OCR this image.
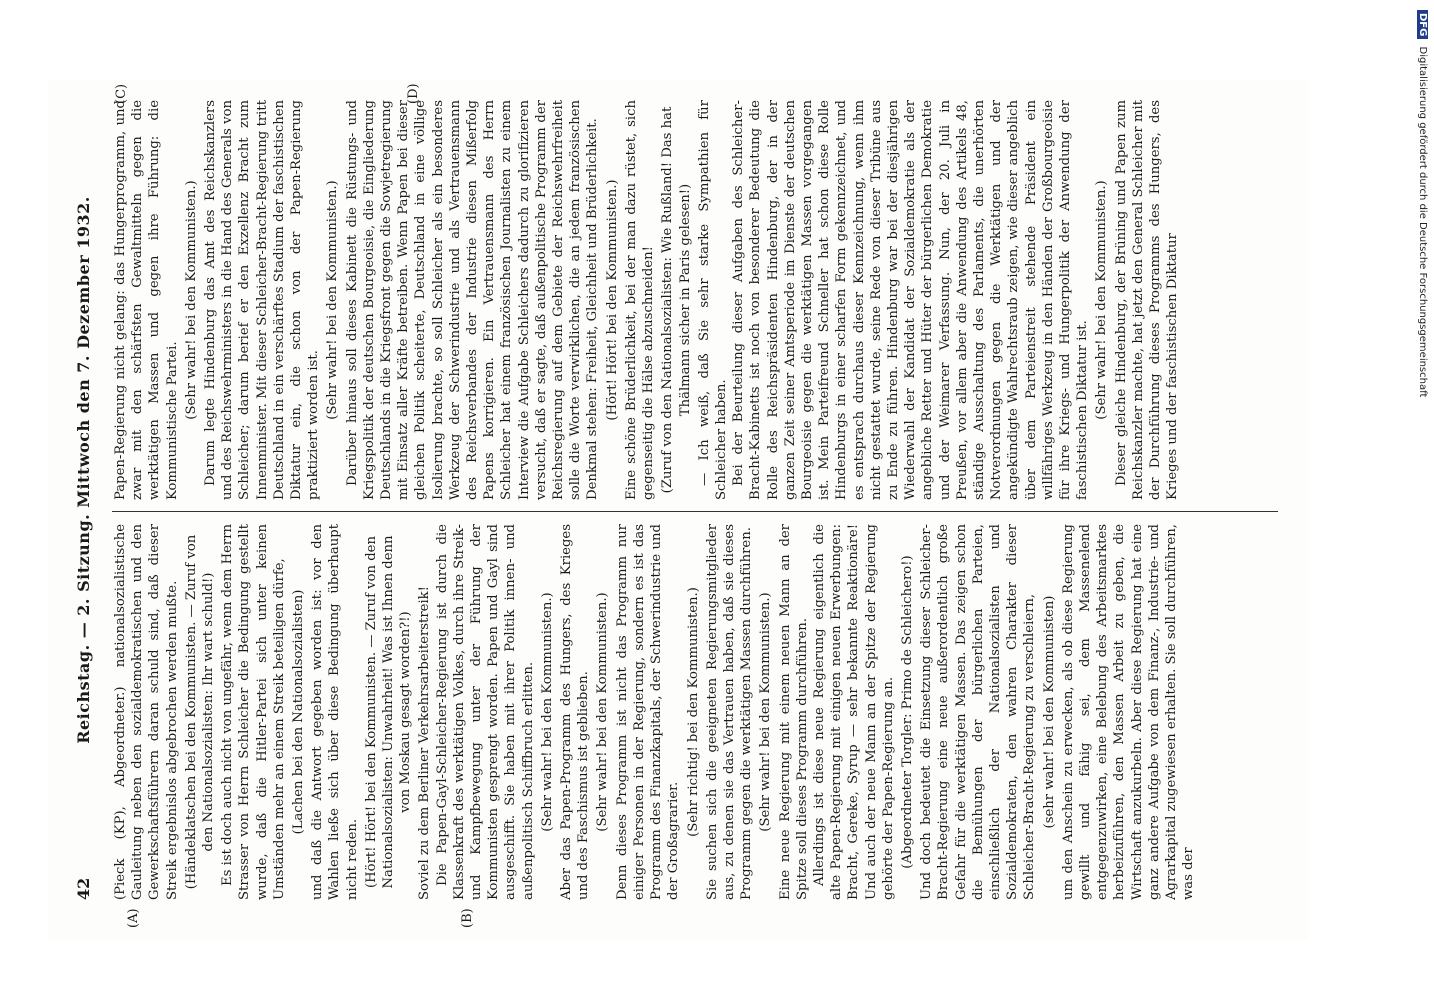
42
Reichstag. — 2. Sitzung. Mittwoch den 7. Dezember 1932.
(A)	(B)
(C)	(D)

(Pieck (KP), Abgeordneter.) nationalsozialistische Gauleitung neben den sozialdemokratischen und den Gewerkschaftsführern daran schuld sind, daß dieser Streik ergebnislos abgebrochen werden mußte. (Händeklatschen bei den Kommunisten. — Zuruf von den Nationalsozialisten: Ihr wart schuld!) Es ist doch auch nicht von ungefähr, wenn dem Herrn Strasser von Herrn Schleicher die Bedingung gestellt wurde, daß die Hitler-Partei sich unter keinen Umständen mehr an einem Streik beteiligen dürfe, (Lachen bei den Nationalsozialisten) und daß die Antwort gegeben worden ist: vor den Wahlen ließe sich über diese Bedingung überhaupt nicht reden. (Hört! Hört! bei den Kommunisten. — Zuruf von den Nationalsozialisten: Unwahrheit! Was ist Ihnen denn von Moskau gesagt worden?!) Soviel zu dem Berliner Verkehrsarbeiterstreik! Die Papen-Gayl-Schleicher-Regierung ist durch die Klassenkraft des werktätigen Volkes, durch ihre Streik- und Kampfbewegung unter der Führung der Kommunisten gesprengt worden. Papen und Gayl sind ausgeschifft. Sie haben mit ihrer Politik innen- und außenpolitisch Schiffbruch erlitten. (Sehr wahr! bei den Kommunisten.) Aber das Papen-Programm des Hungers, des Krieges und des Faschismus ist geblieben. (Sehr wahr! bei den Kommunisten.) Denn dieses Programm ist nicht das Programm nur einiger Personen in der Regierung, sondern es ist das Programm des Finanzkapitals, der Schwerindustrie und der Großagrarier.

(Sehr richtig! bei den Kommunisten.) Sie suchen sich die geeigneten Regierungsmitglieder aus, zu denen sie das Vertrauen haben, daß sie dieses Programm gegen die werktätigen Massen durchführen. (Sehr wahr! bei den Kommunisten.) Eine neue Regierung mit einem neuen Mann an der Spitze soll dieses Programm durchführen. Allerdings ist diese neue Regierung eigentlich die alte Papen-Regierung mit einigen neuen Erwerbungen: Bracht, Gereke, Syrup — sehr bekannte Reaktionäre! Und auch der neue Mann an der Spitze der Regierung gehörte der Papen-Regierung an. (Abgeordneter Torgler: Primo de Schleichero!) Und doch bedeutet die Einsetzung dieser Schleicher-Bracht-Regierung eine neue außerordentlich große Gefahr für die werktätigen Massen. Das zeigen schon die Bemühungen der bürgerlichen Parteien, einschließlich der Nationalsozialisten und Sozialdemokraten, den wahren Charakter dieser Schleicher-Bracht-Regierung zu verschleiern, (sehr wahr! bei den Kommunisten) um den Anschein zu erwecken, als ob diese Regierung gewillt und fähig sei, dem Massenelend entgegenzuwirken, eine Belebung des Arbeitsmarktes herbeizuführen, den Massen Arbeit zu geben, die Wirtschaft anzukurbeln. Aber diese Regierung hat eine ganz andere Aufgabe von dem Finanz-, Industrie- und Agrarkapital zugewiesen erhalten. Sie soll durchführen, was der

Papen-Regierung nicht gelang: das Hungerprogramm, und zwar mit den schärfsten Gewaltmitteln gegen die werktätigen Massen und gegen ihre Führung: die Kommunistische Partei.

(Sehr wahr! bei den Kommunisten.) Darum legte Hindenburg das Amt des Reichskanzlers und des Reichswehrministers in die Hand des Generals von Schleicher; darum berief er den Exzellenz Bracht zum Innenminister. Mit dieser Schleicher-Bracht-Regierung tritt Deutschland in ein verschärftes Stadium der faschistischen Diktatur ein, die schon von der Papen-Regierung praktiziert worden ist.

(Sehr wahr! bei den Kommunisten.) Darüber hinaus soll dieses Kabinett die Rüstungs- und Kriegspolitik der deutschen Bourgeoisie, die Eingliederung Deutschlands in die Kriegsfront gegen die Sowjetregierung mit Einsatz aller Kräfte betreiben. Wenn Papen bei dieser gleichen Politik scheiterte, Deutschland in eine völlige Isolierung brachte, so soll Schleicher als ein besonderes Werkzeug der Schwerindustrie und als Vertrauensmann des Reichsverbandes der Industrie diesen Mißerfolg Papens korrigieren. Ein Vertrauensmann des Herrn Schleicher hat einem französischen Journalisten zu einem Interview die Aufgabe Schleichers dadurch zu glorifizieren versucht, daß er sagte, daß außenpolitische Programm der Reichsregierung auf dem Gebiete der Reichswehrfreiheit solle die Worte verwirklichen, die an jedem französischen Denkmal stehen: Freiheit, Gleichheit und Brüderlichkeit. (Hört! Hört! bei den Kommunisten.) Eine schöne Brüderlichkeit, bei der man dazu rüstet, sich gegenseitig die Hälse abzuschneiden! (Zuruf von den Nationalsozialisten: Wie Rußland! Das hat Thälmann sicher in Paris gelesen!) — Ich weiß, daß Sie sehr starke Sympathien für Schleicher haben. Bei der Beurteilung dieser Aufgaben des Schleicher-Bracht-Kabinetts ist noch von besonderer Bedeutung die Rolle des Reichspräsidenten Hindenburg, der in der ganzen Zeit seiner Amtsperiode im Dienste der deutschen Bourgeoisie gegen die werktätigen Massen vorgegangen ist. Mein Parteifreund Schneller hat schon diese Rolle Hindenburgs in einer scharfen Form gekennzeichnet, und es entsprach durchaus dieser Kennzeichnung, wenn ihm nicht gestattet wurde, seine Rede von dieser Tribüne aus zu Ende zu führen. Hindenburg war bei der diesjährigen Wiederwahl der Kandidat der Sozialdemokratie als der angebliche Retter und Hüter der bürgerlichen Demokratie und der Weimarer Verfassung. Nun, der 20. Juli in Preußen, vor allem aber die Anwendung des Artikels 48, ständige Ausschaltung des Parlaments, die unerhörten Notverordnungen gegen die Werktätigen und der angekündigte Wahlrechtsraub zeigen, wie dieser angeblich über dem Parteienstreit stehende Präsident ein willfähriges Werkzeug in den Händen der Großbourgeoisie für ihre Kriegs- und Hungerpolitik der Anwendung der faschistischen Diktatur ist. (Sehr wahr! bei den Kommunisten.) Dieser gleiche Hindenburg, der Brüning und Papen zum Reichskanzler machte, hat jetzt den General Schleicher mit der Durchführung dieses Programms des Hungers, des Krieges und der faschistischen Diktatur

DFG Digitalisierung gefördert durch die Deutsche Forschungsgemeinschaft
